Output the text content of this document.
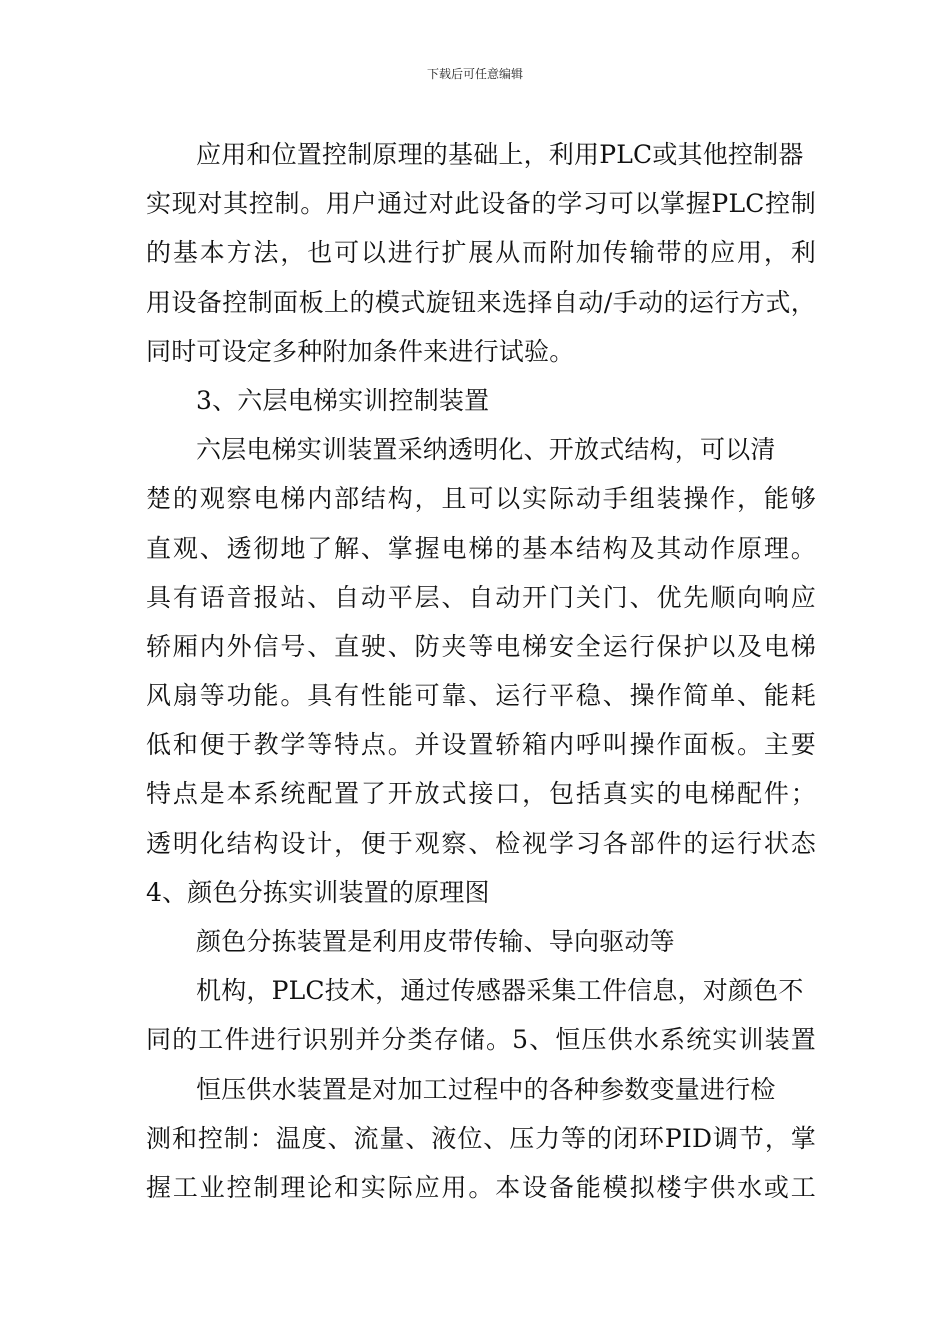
下载后可任意编辑
应用和位置控制原理的基础上，利用PLC或其他控制器
实现对其控制。用户通过对此设备的学习可以掌握PLC控制
的基本方法，也可以进行扩展从而附加传输带的应用，利
用设备控制面板上的模式旋钮来选择自动/手动的运行方式，
同时可设定多种附加条件来进行试验。
3、六层电梯实训控制装置
六层电梯实训装置采纳透明化、开放式结构，可以清
楚的观察电梯内部结构，且可以实际动手组装操作，能够
直观、透彻地了解、掌握电梯的基本结构及其动作原理。
具有语音报站、自动平层、自动开门关门、优先顺向响应
轿厢内外信号、直驶、防夹等电梯安全运行保护以及电梯
风扇等功能。具有性能可靠、运行平稳、操作简单、能耗
低和便于教学等特点。并设置轿箱内呼叫操作面板。主要
特点是本系统配置了开放式接口，包括真实的电梯配件；
透明化结构设计，便于观察、检视学习各部件的运行状态
4、颜色分拣实训装置的原理图
颜色分拣装置是利用皮带传输、导向驱动等
机构，PLC技术，通过传感器采集工件信息，对颜色不
同的工件进行识别并分类存储。5、恒压供水系统实训装置
恒压供水装置是对加工过程中的各种参数变量进行检
测和控制：温度、流量、液位、压力等的闭环PID调节，掌
握工业控制理论和实际应用。本设备能模拟楼宇供水或工
